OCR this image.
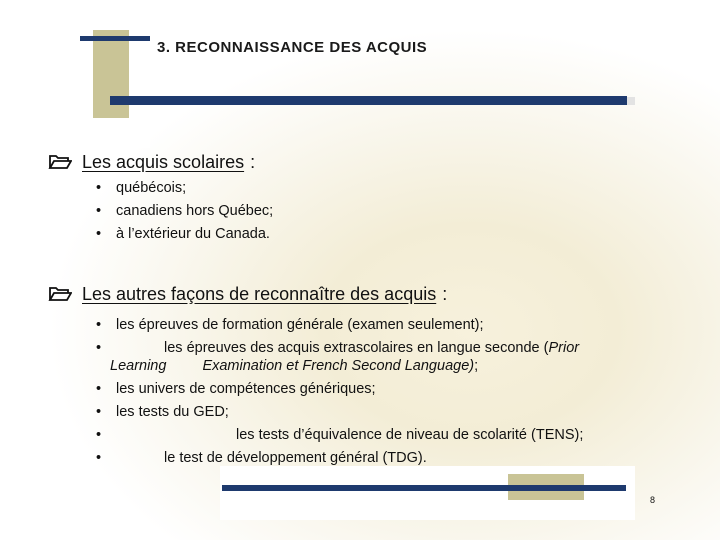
3. RECONNAISSANCE DES ACQUIS
Les acquis scolaires :
•	québécois;
•	canadiens hors Québec;
•	à l’extérieur du Canada.
Les autres façons de reconnaître des acquis :
•	les épreuves de formation générale (examen seulement);
•	les épreuves des acquis extrascolaires en langue seconde (Prior
Learning Examination et French Second Language);
•	les univers de compétences génériques;
•	les tests du GED;
•	les tests d’équivalence de niveau de scolarité (TENS);
•	le test de développement général (TDG).
8
